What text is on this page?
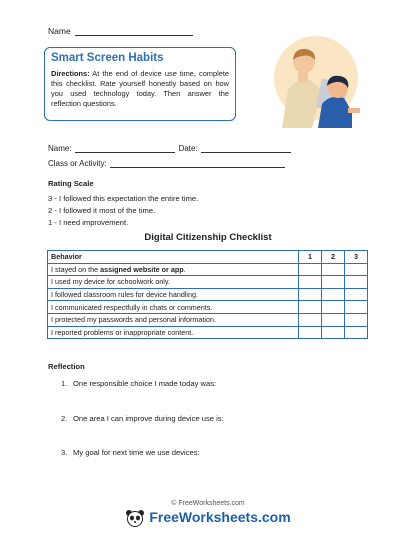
Name
Smart Screen Habits

Directions: At the end of device use time, complete this checklist. Rate yourself honestly based on how you used technology today. Then answer the reflection questions.

Name:	Date:
Class or Activity:
Rating Scale
3 - I followed this expectation the entire time.
2 - I followed it most of the time.
1 - I need improvement.
Digital Citizenship Checklist
Behavior	1	2	3
I stayed on the assigned website or app.			
I used my device for schoolwork only.			
I followed classroom rules for device handling.			
I communicated respectfully in chats or comments.			
I protected my passwords and personal information.			
I reported problems or inappropriate content.			
Reflection
1. One responsible choice I made today was:
2. One area I can improve during device use is:
3. My goal for next time we use devices:
© FreeWorksheets.com
FreeWorksheets.com
